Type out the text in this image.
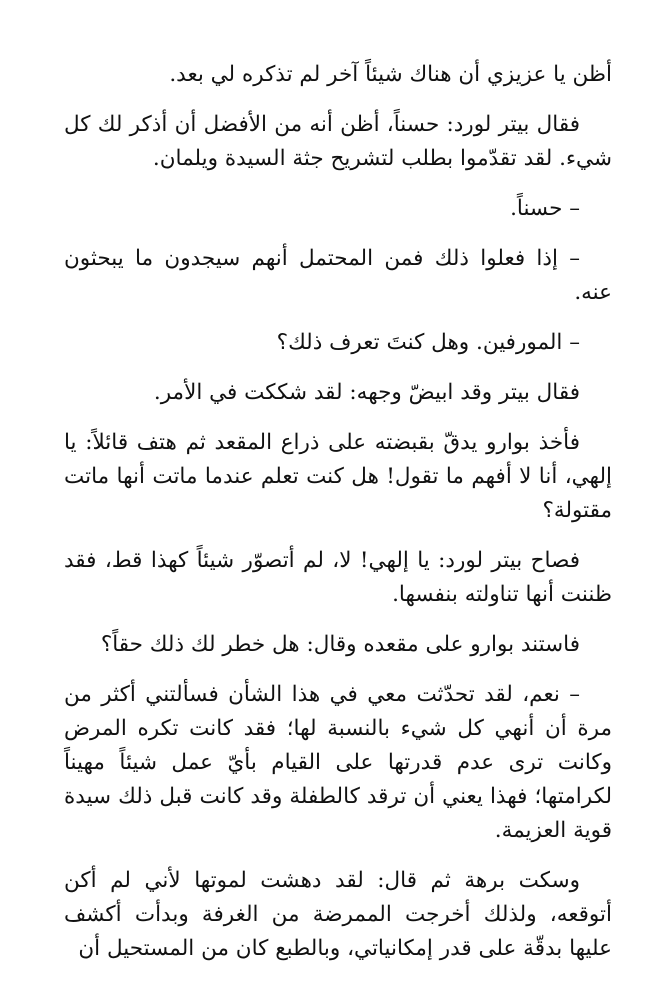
أظن يا عزيزي أن هناك شيئاً آخر لم تذكره لي بعد.

فقال بيتر لورد: حسناً، أظن أنه من الأفضل أن أذكر لك كل شيء. لقد تقدّموا بطلب لتشريح جثة السيدة ويلمان.

– حسناً.

– إذا فعلوا ذلك فمن المحتمل أنهم سيجدون ما يبحثون عنه.

– المورفين. وهل كنتَ تعرف ذلك؟

فقال بيتر وقد ابيضّ وجهه: لقد شككت في الأمر.

فأخذ بوارو يدقّ بقبضته على ذراع المقعد ثم هتف قائلاً: يا إلهي، أنا لا أفهم ما تقول! هل كنت تعلم عندما ماتت أنها ماتت مقتولة؟

فصاح بيتر لورد: يا إلهي! لا، لم أتصوّر شيئاً كهذا قط، فقد ظننت أنها تناولته بنفسها.

فاستند بوارو على مقعده وقال: هل خطر لك ذلك حقاً؟

– نعم، لقد تحدّثت معي في هذا الشأن فسألتني أكثر من مرة أن أنهي كل شيء بالنسبة لها؛ فقد كانت تكره المرض وكانت ترى عدم قدرتها على القيام بأيّ عمل شيئاً مهيناً لكرامتها؛ فهذا يعني أن ترقد كالطفلة وقد كانت قبل ذلك سيدة قوية العزيمة.

وسكت برهة ثم قال: لقد دهشت لموتها لأني لم أكن أتوقعه، ولذلك أخرجت الممرضة من الغرفة وبدأت أكشف عليها بدقّة على قدر إمكانياتي، وبالطبع كان من المستحيل أن
